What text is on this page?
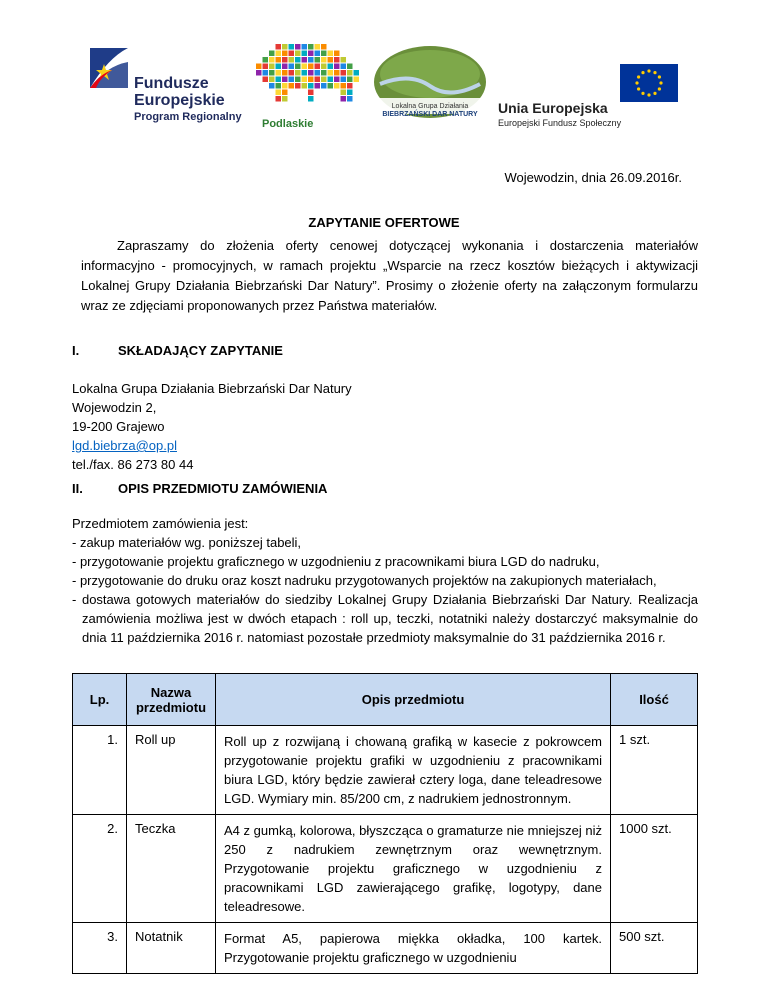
Fundusze
Europejskie
Program Regionalny
Podlaskie
Lokalna Grupa Działania
BIEBRZAŃSKI DAR NATURY	Unia Europejska
Europejski Fundusz Społeczny
Wojewodzin, dnia 26.09.2016r.
ZAPYTANIE OFERTOWE
Zapraszamy do złożenia oferty cenowej dotyczącej wykonania i dostarczenia materiałów informacyjno - promocyjnych, w ramach projektu „Wsparcie na rzecz kosztów bieżących i aktywizacji Lokalnej Grupy Działania Biebrzański Dar Natury”. Prosimy o złożenie oferty na załączonym formularzu wraz ze zdjęciami proponowanych przez Państwa materiałów.
I.	SKŁADAJĄCY ZAPYTANIE
Lokalna Grupa Działania Biebrzański Dar Natury
Wojewodzin 2,
19-200 Grajewo
lgd.biebrza@op.pl
tel./fax. 86 273 80 44
II.	OPIS PRZEDMIOTU ZAMÓWIENIA
Przedmiotem zamówienia jest:
- zakup materiałów wg. poniższej tabeli,
- przygotowanie projektu graficznego w uzgodnieniu z pracownikami biura LGD do nadruku,
- przygotowanie do druku oraz koszt nadruku przygotowanych projektów na zakupionych materiałach,
- dostawa gotowych materiałów do siedziby Lokalnej Grupy Działania Biebrzański Dar Natury. Realizacja zamówienia możliwa jest w dwóch etapach : roll up, teczki, notatniki należy dostarczyć maksymalnie do dnia 11 października 2016 r. natomiast pozostałe przedmioty maksymalnie do 31 października 2016 r.
Lp.	Nazwa przedmiotu	Opis przedmiotu	Ilość
1.	Roll up	Roll up z rozwijaną i chowaną grafiką w kasecie z pokrowcem przygotowanie projektu grafiki w uzgodnieniu z pracownikami biura LGD, który będzie zawierał cztery loga, dane teleadresowe LGD. Wymiary min. 85/200 cm, z nadrukiem jednostronnym.	1 szt.
2.	Teczka	A4 z gumką, kolorowa, błyszcząca o gramaturze nie mniejszej niż 250 z nadrukiem zewnętrznym oraz wewnętrznym. Przygotowanie projektu graficznego w uzgodnieniu z pracownikami LGD zawierającego grafikę, logotypy, dane teleadresowe.	1000 szt.
3.	Notatnik	Format A5, papierowa miękka okładka, 100 kartek. Przygotowanie projektu graficznego w uzgodnieniu	500 szt.
